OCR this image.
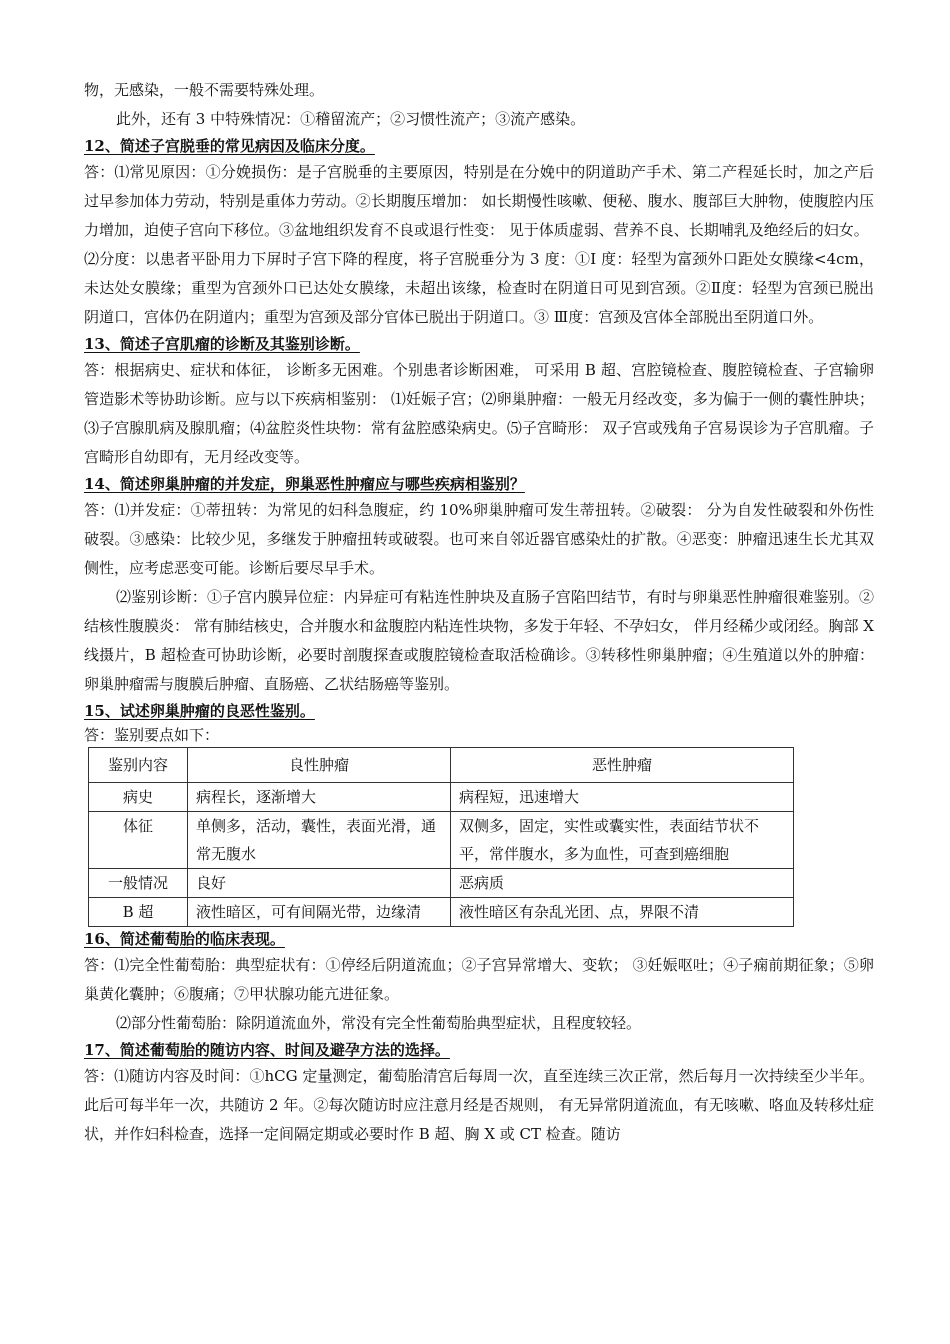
物，无感染，一般不需要特殊处理。

此外，还有 3 中特殊情况：①稽留流产；②习惯性流产；③流产感染。

12、简述子宫脱垂的常见病因及临床分度。

答：⑴常见原因：①分娩损伤：是子宫脱垂的主要原因，特别是在分娩中的阴道助产手术、第二产程延长时，加之产后过早参加体力劳动，特别是重体力劳动。②长期腹压增加： 如长期慢性咳嗽、便秘、腹水、腹部巨大肿物，使腹腔内压力增加，迫使子宫向下移位。③盆地组织发育不良或退行性变： 见于体质虚弱、营养不良、长期哺乳及绝经后的妇女。

⑵分度：以患者平卧用力下屏时子宫下降的程度，将子宫脱垂分为 3 度：①I 度：轻型为富颈外口距处女膜缘<4cm，未达处女膜缘；重型为宫颈外口已达处女膜缘，未超出该缘，检查时在阴道日可见到宫颈。②Ⅱ度：轻型为宫颈已脱出阴道口，宫体仍在阴道内；重型为宫颈及部分官体已脱出于阴道口。③ Ⅲ度：宫颈及宫体全部脱出至阴道口外。

13、简述子宫肌瘤的诊断及其鉴别诊断。

答：根据病史、症状和体征， 诊断多无困难。个别患者诊断困难， 可采用 B 超、宫腔镜检查、腹腔镜检查、子宫输卵管造影术等协助诊断。应与以下疾病相鉴别： ⑴妊娠子宫；⑵卵巢肿瘤：一般无月经改变，多为偏于一侧的囊性肿块；⑶子宫腺肌病及腺肌瘤；⑷盆腔炎性块物：常有盆腔感染病史。⑸子宫畸形： 双子宫或残角子宫易误诊为子宫肌瘤。子宫畸形自幼即有，无月经改变等。

14、简述卵巢肿瘤的并发症，卵巢恶性肿瘤应与哪些疾病相鉴别？

答：⑴并发症：①蒂扭转：为常见的妇科急腹症，约 10%卵巢肿瘤可发生蒂扭转。②破裂： 分为自发性破裂和外伤性破裂。③感染：比较少见，多继发于肿瘤扭转或破裂。也可来自邻近器官感染灶的扩散。④恶变：肿瘤迅速生长尤其双侧性，应考虑恶变可能。诊断后要尽早手术。

⑵鉴别诊断：①子宫内膜异位症：内异症可有粘连性肿块及直肠子宫陷凹结节，有时与卵巢恶性肿瘤很难鉴别。②结核性腹膜炎： 常有肺结核史，合并腹水和盆腹腔内粘连性块物，多发于年轻、不孕妇女， 伴月经稀少或闭经。胸部 X 线摄片，B 超检查可协助诊断，必要时剖腹探查或腹腔镜检查取活检确诊。③转移性卵巢肿瘤；④生殖道以外的肿瘤：卵巢肿瘤需与腹膜后肿瘤、直肠癌、乙状结肠癌等鉴别。

15、试述卵巢肿瘤的良恶性鉴别。

答：鉴别要点如下：

鉴别内容	良性肿瘤	恶性肿瘤
病史	病程长，逐渐增大	病程短，迅速增大
体征	单侧多，活动，囊性，表面光滑，通常无腹水	双侧多，固定，实性或囊实性，表面结节状不平，常伴腹水，多为血性，可查到癌细胞
一般情况	良好	恶病质
B 超	液性暗区，可有间隔光带，边缘清	液性暗区有杂乱光团、点，界限不清
16、简述葡萄胎的临床表现。

答：⑴完全性葡萄胎：典型症状有：①停经后阴道流血；②子宫异常增大、变软； ③妊娠呕吐；④子痫前期征象；⑤卵巢黄化囊肿；⑥腹痛；⑦甲状腺功能亢进征象。

⑵部分性葡萄胎：除阴道流血外，常没有完全性葡萄胎典型症状，且程度较轻。

17、简述葡萄胎的随访内容、时间及避孕方法的选择。

答：⑴随访内容及时间：①hCG 定量测定，葡萄胎清宫后每周一次，直至连续三次正常，然后每月一次持续至少半年。此后可每半年一次，共随访 2 年。②每次随访时应注意月经是否规则， 有无异常阴道流血，有无咳嗽、咯血及转移灶症状，并作妇科检查，选择一定间隔定期或必要时作 B 超、胸 X 或 CT 检查。随访
